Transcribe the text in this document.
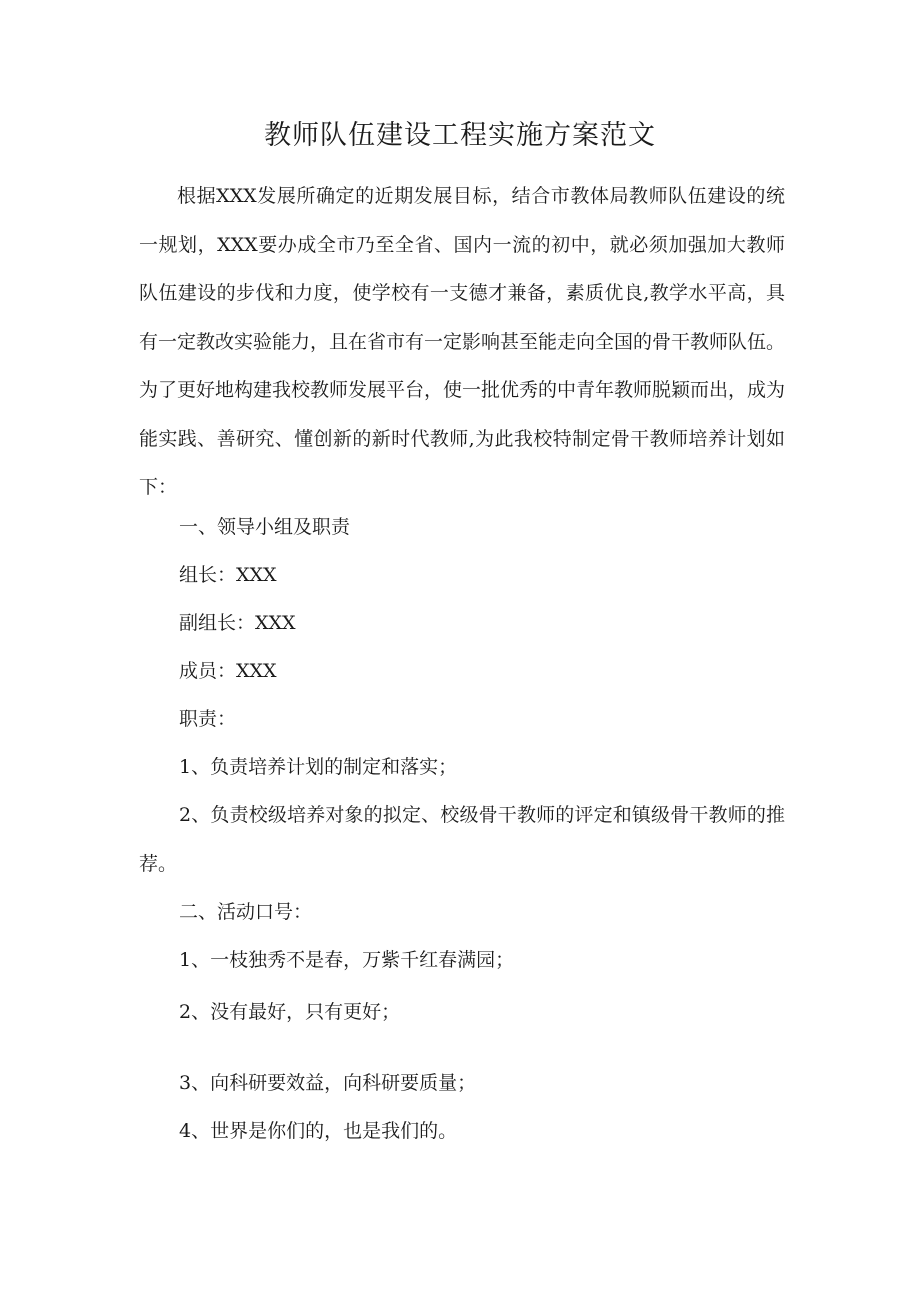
教师队伍建设工程实施方案范文

根据XXX发展所确定的近期发展目标，结合市教体局教师队伍建设的统一规划，XXX要办成全市乃至全省、国内一流的初中，就必须加强加大教师队伍建设的步伐和力度，使学校有一支德才兼备，素质优良,教学水平高，具有一定教改实验能力，且在省市有一定影响甚至能走向全国的骨干教师队伍。为了更好地构建我校教师发展平台，使一批优秀的中青年教师脱颖而出，成为能实践、善研究、懂创新的新时代教师,为此我校特制定骨干教师培养计划如下：

一、领导小组及职责

组长：XXX

副组长：XXX

成员：XXX

职责：

1、负责培养计划的制定和落实；

2、负责校级培养对象的拟定、校级骨干教师的评定和镇级骨干教师的推荐。

二、活动口号：

1、一枝独秀不是春，万紫千红春满园；

2、没有最好，只有更好；

3、向科研要效益，向科研要质量；

4、世界是你们的，也是我们的。
